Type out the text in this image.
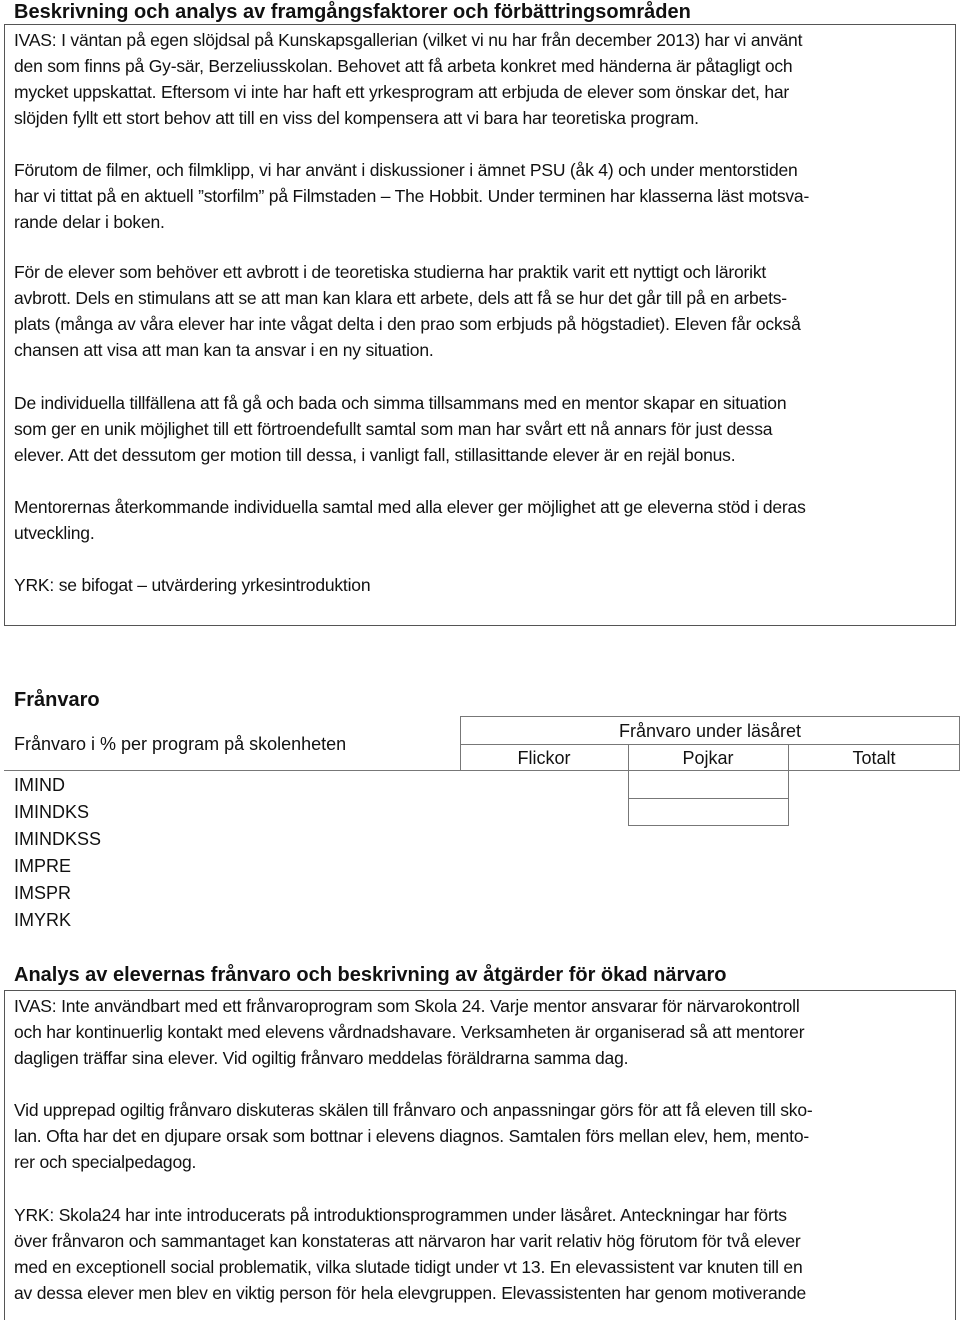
Beskrivning och analys av framgångsfaktorer och förbättringsområden

IVAS: I väntan på egen slöjdsal på Kunskapsgallerian (vilket vi nu har från december 2013) har vi använt
den som finns på Gy-sär, Berzeliusskolan. Behovet att få arbeta konkret med händerna är påtagligt och
mycket uppskattat. Eftersom vi inte har haft ett yrkesprogram att erbjuda de elever som önskar det, har
slöjden fyllt ett stort behov att till en viss del kompensera att vi bara har teoretiska program.

Förutom de filmer, och filmklipp, vi har använt i diskussioner i ämnet PSU (åk 4) och under mentorstiden
har vi tittat på en aktuell ”storfilm” på Filmstaden – The Hobbit. Under terminen har klasserna läst motsva-
rande delar i boken.

För de elever som behöver ett avbrott i de teoretiska studierna har praktik varit ett nyttigt och lärorikt
avbrott. Dels en stimulans att se att man kan klara ett arbete, dels att få se hur det går till på en arbets-
plats (många av våra elever har inte vågat delta i den prao som erbjuds på högstadiet). Eleven får också
chansen att visa att man kan ta ansvar i en ny situation.

De individuella tillfällena att få gå och bada och simma tillsammans med en mentor skapar en situation
som ger en unik möjlighet till ett förtroendefullt samtal som man har svårt ett nå annars för just dessa
elever. Att det dessutom ger motion till dessa, i vanligt fall, stillasittande elever är en rejäl bonus.

Mentorernas återkommande individuella samtal med alla elever ger möjlighet att ge eleverna stöd i deras
utveckling.

YRK: se bifogat – utvärdering yrkesintroduktion

Frånvaro
Frånvaro i % per program på skolenheten
Frånvaro under läsåret
Flickor	Pojkar	Totalt
IMIND
IMINDKS
IMINDKSS
IMPRE
IMSPR
IMYRK
Analys av elevernas frånvaro och beskrivning av åtgärder för ökad närvaro

IVAS: Inte användbart med ett frånvaroprogram som Skola 24. Varje mentor ansvarar för närvarokontroll
och har kontinuerlig kontakt med elevens vårdnadshavare. Verksamheten är organiserad så att mentorer
dagligen träffar sina elever. Vid ogiltig frånvaro meddelas föräldrarna samma dag.

Vid upprepad ogiltig frånvaro diskuteras skälen till frånvaro och anpassningar görs för att få eleven till sko-
lan. Ofta har det en djupare orsak som bottnar i elevens diagnos. Samtalen förs mellan elev, hem, mento-
rer och specialpedagog.

YRK: Skola24 har inte introducerats på introduktionsprogrammen under läsåret. Anteckningar har förts
över frånvaron och sammantaget kan konstateras att närvaron har varit relativ hög förutom för två elever
med en exceptionell social problematik, vilka slutade tidigt under vt 13. En elevassistent var knuten till en
av dessa elever men blev en viktig person för hela elevgruppen. Elevassistenten har genom motiverande
